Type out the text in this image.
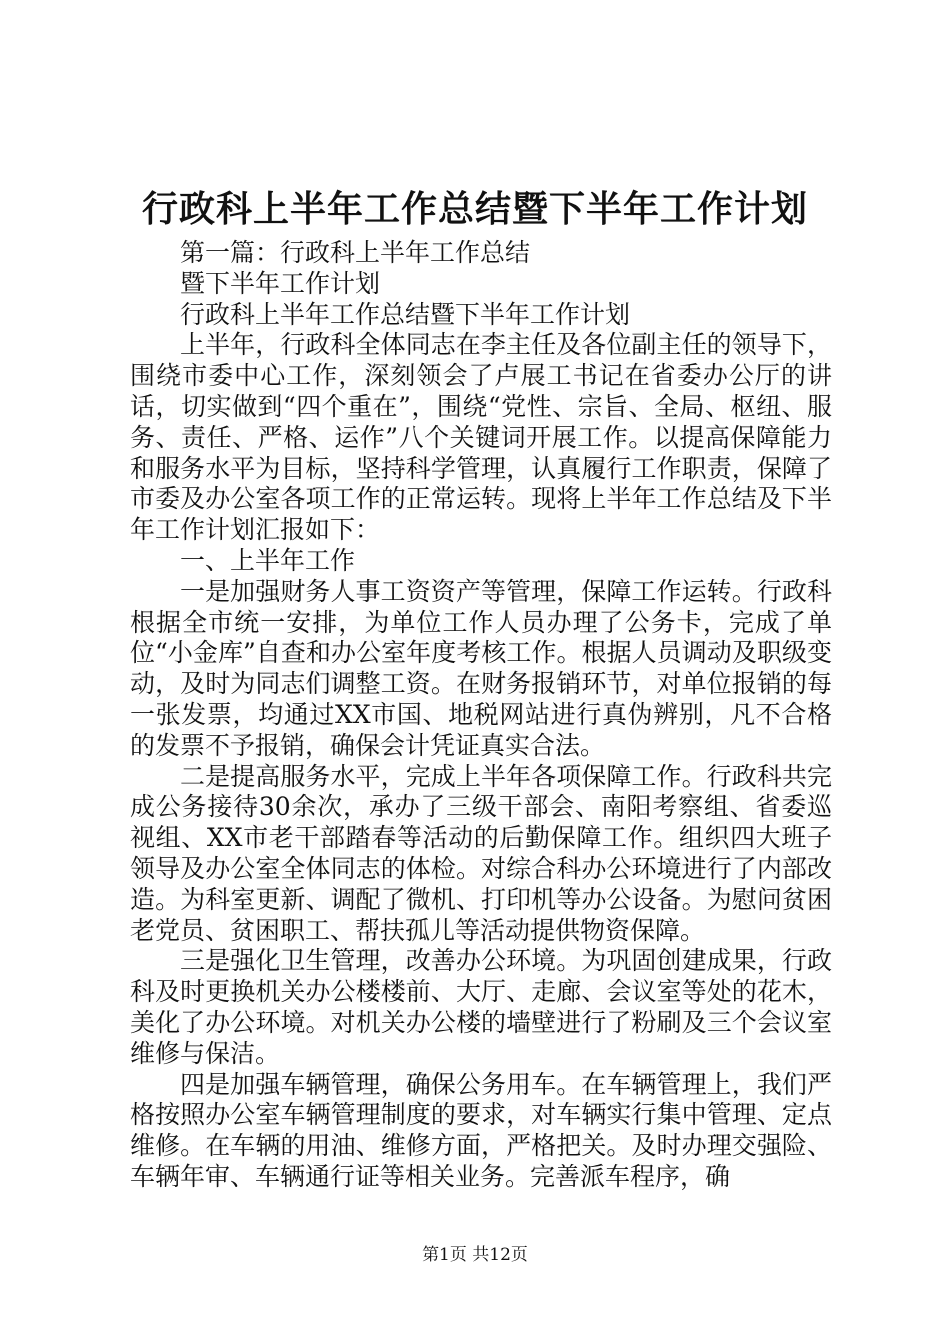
行政科上半年工作总结暨下半年工作计划
第一篇：行政科上半年工作总结
暨下半年工作计划
行政科上半年工作总结暨下半年工作计划

上半年，行政科全体同志在李主任及各位副主任的领导下，围绕市委中心工作，深刻领会了卢展工书记在省委办公厅的讲话，切实做到“四个重在”，围绕“党性、宗旨、全局、枢纽、服务、责任、严格、运作”八个关键词开展工作。以提高保障能力和服务水平为目标，坚持科学管理，认真履行工作职责，保障了市委及办公室各项工作的正常运转。现将上半年工作总结及下半年工作计划汇报如下：

一、上半年工作

一是加强财务人事工资资产等管理，保障工作运转。行政科根据全市统一安排，为单位工作人员办理了公务卡，完成了单位“小金库”自查和办公室年度考核工作。根据人员调动及职级变动，及时为同志们调整工资。在财务报销环节，对单位报销的每一张发票，均通过XX市国、地税网站进行真伪辨别，凡不合格的发票不予报销，确保会计凭证真实合法。

二是提高服务水平，完成上半年各项保障工作。行政科共完成公务接待30余次，承办了三级干部会、南阳考察组、省委巡视组、XX市老干部踏春等活动的后勤保障工作。组织四大班子领导及办公室全体同志的体检。对综合科办公环境进行了内部改造。为科室更新、调配了微机、打印机等办公设备。为慰问贫困老党员、贫困职工、帮扶孤儿等活动提供物资保障。

三是强化卫生管理，改善办公环境。为巩固创建成果，行政科及时更换机关办公楼楼前、大厅、走廊、会议室等处的花木，美化了办公环境。对机关办公楼的墙壁进行了粉刷及三个会议室维修与保洁。

四是加强车辆管理，确保公务用车。在车辆管理上，我们严格按照办公室车辆管理制度的要求，对车辆实行集中管理、定点维修。在车辆的用油、维修方面，严格把关。及时办理交强险、车辆年审、车辆通行证等相关业务。完善派车程序，确

第1页 共12页
